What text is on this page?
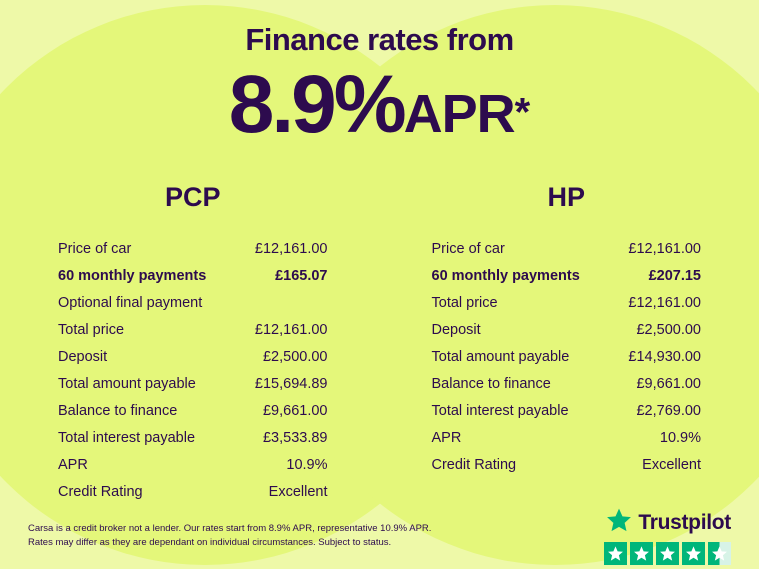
Finance rates from
8.9%APR*
PCP
Price of car	£12,161.00
60 monthly payments	£165.07
Optional final payment
Total price	£12,161.00
Deposit	£2,500.00
Total amount payable	£15,694.89
Balance to finance	£9,661.00
Total interest payable	£3,533.89
APR	10.9%
Credit Rating	Excellent
HP
Price of car	£12,161.00
60 monthly payments	£207.15
Total price	£12,161.00
Deposit	£2,500.00
Total amount payable	£14,930.00
Balance to finance	£9,661.00
Total interest payable	£2,769.00
APR	10.9%
Credit Rating	Excellent
Carsa is a credit broker not a lender. Our rates start from 8.9% APR, representative 10.9% APR. Rates may differ as they are dependant on individual circumstances. Subject to status.
Trustpilot
